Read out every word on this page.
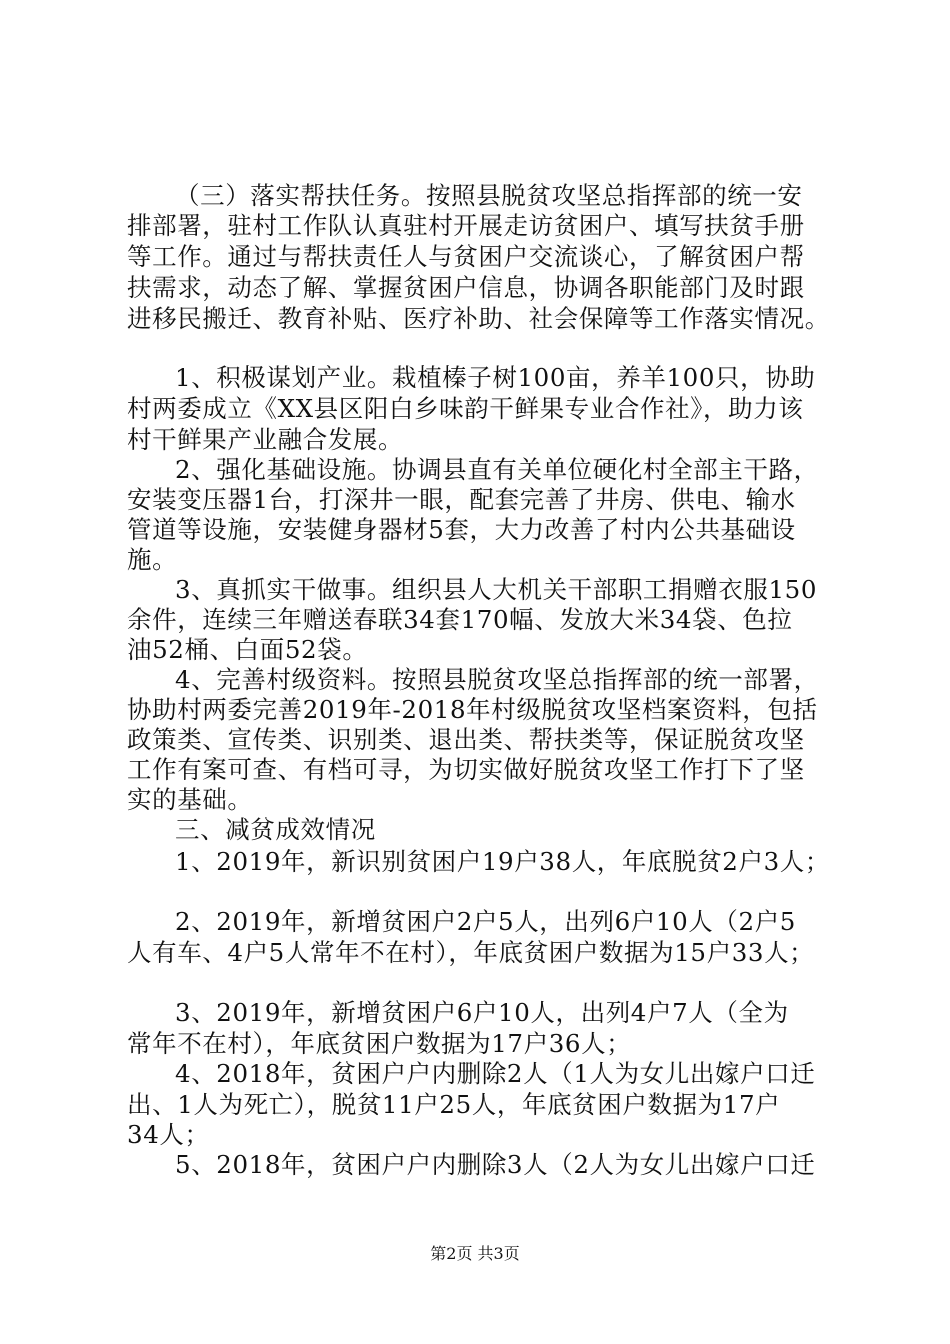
（三）落实帮扶任务。按照县脱贫攻坚总指挥部的统一安
排部署，驻村工作队认真驻村开展走访贫困户、填写扶贫手册
等工作。通过与帮扶责任人与贫困户交流谈心，了解贫困户帮
扶需求，动态了解、掌握贫困户信息，协调各职能部门及时跟
进移民搬迁、教育补贴、医疗补助、社会保障等工作落实情况。
1、积极谋划产业。栽植榛子树100亩，养羊100只，协助
村两委成立《XX县区阳白乡味韵干鲜果专业合作社》，助力该
村干鲜果产业融合发展。
2、强化基础设施。协调县直有关单位硬化村全部主干路，
安装变压器1台，打深井一眼，配套完善了井房、供电、输水
管道等设施，安装健身器材5套，大力改善了村内公共基础设
施。
3、真抓实干做事。组织县人大机关干部职工捐赠衣服150
余件，连续三年赠送春联34套170幅、发放大米34袋、色拉
油52桶、白面52袋。
4、完善村级资料。按照县脱贫攻坚总指挥部的统一部署，
协助村两委完善2019年-2018年村级脱贫攻坚档案资料，包括
政策类、宣传类、识别类、退出类、帮扶类等，保证脱贫攻坚
工作有案可查、有档可寻，为切实做好脱贫攻坚工作打下了坚
实的基础。
三、减贫成效情况
1、2019年，新识别贫困户19户38人，年底脱贫2户3人；
2、2019年，新增贫困户2户5人，出列6户10人（2户5
人有车、4户5人常年不在村），年底贫困户数据为15户33人；
3、2019年，新增贫困户6户10人，出列4户7人（全为
常年不在村），年底贫困户数据为17户36人；
4、2018年，贫困户户内删除2人（1人为女儿出嫁户口迁
出、1人为死亡），脱贫11户25人，年底贫困户数据为17户
34人；
5、2018年，贫困户户内删除3人（2人为女儿出嫁户口迁
第2页 共3页
